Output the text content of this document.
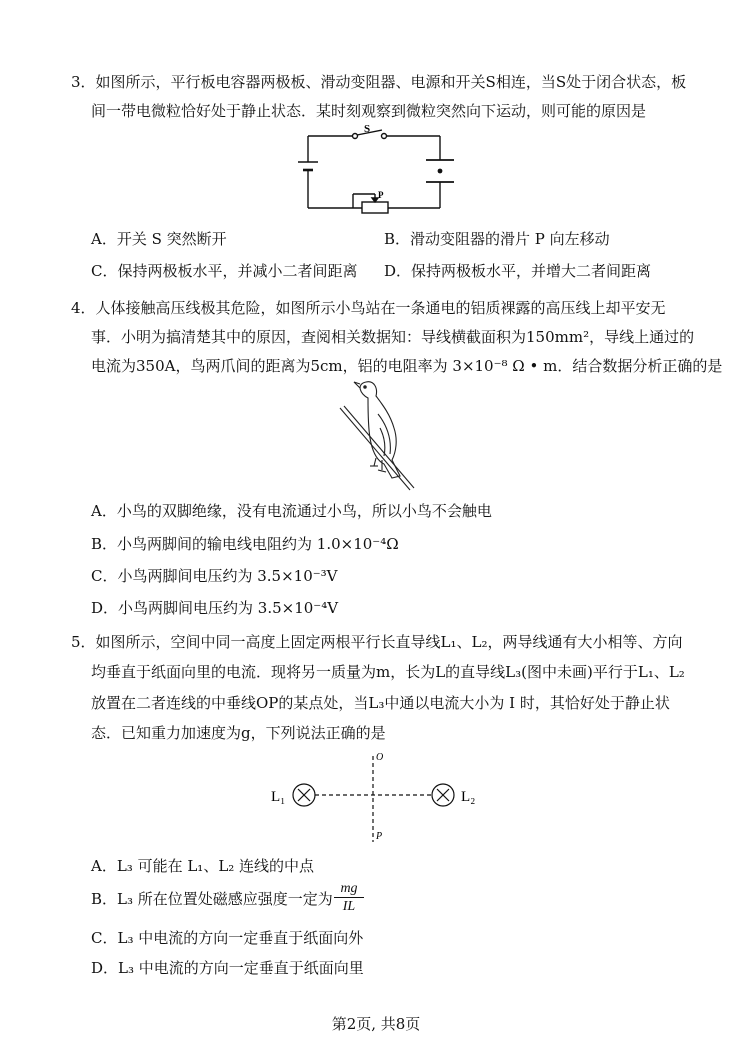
3．如图所示，平行板电容器两极板、滑动变阻器、电源和开关S相连，当S处于闭合状态，板
间一带电微粒恰好处于静止状态．某时刻观察到微粒突然向下运动，则可能的原因是
S
P
A．开关 S 突然断开	B．滑动变阻器的滑片 P 向左移动
C．保持两极板水平，并减小二者间距离 D．保持两极板水平，并增大二者间距离
4．人体接触高压线极其危险，如图所示小鸟站在一条通电的铝质裸露的高压线上却平安无
事．小明为搞清楚其中的原因，查阅相关数据知：导线横截面积为150mm²，导线上通过的
电流为350A，鸟两爪间的距离为5cm，铝的电阻率为 3×10⁻⁸ Ω • m．结合数据分析正确的是
A．小鸟的双脚绝缘，没有电流通过小鸟，所以小鸟不会触电
B．小鸟两脚间的输电线电阻约为 1.0×10⁻⁴Ω
C．小鸟两脚间电压约为 3.5×10⁻³V
D．小鸟两脚间电压约为 3.5×10⁻⁴V
5．如图所示，空间中同一高度上固定两根平行长直导线L₁、L₂，两导线通有大小相等、方向
均垂直于纸面向里的电流．现将另一质量为m，长为L的直导线L₃(图中未画)平行于L₁、L₂
放置在二者连线的中垂线OP的某点处，当L₃中通以电流大小为 I 时，其恰好处于静止状
态．已知重力加速度为g，下列说法正确的是
L₁	L₂
O
P
A．L₃ 可能在 L₁、L₂ 连线的中点
B．L₃ 所在位置处磁感应强度一定为 $\frac{mg}{IL}$
C．L₃ 中电流的方向一定垂直于纸面向外
D．L₃ 中电流的方向一定垂直于纸面向里
第2页, 共8页
